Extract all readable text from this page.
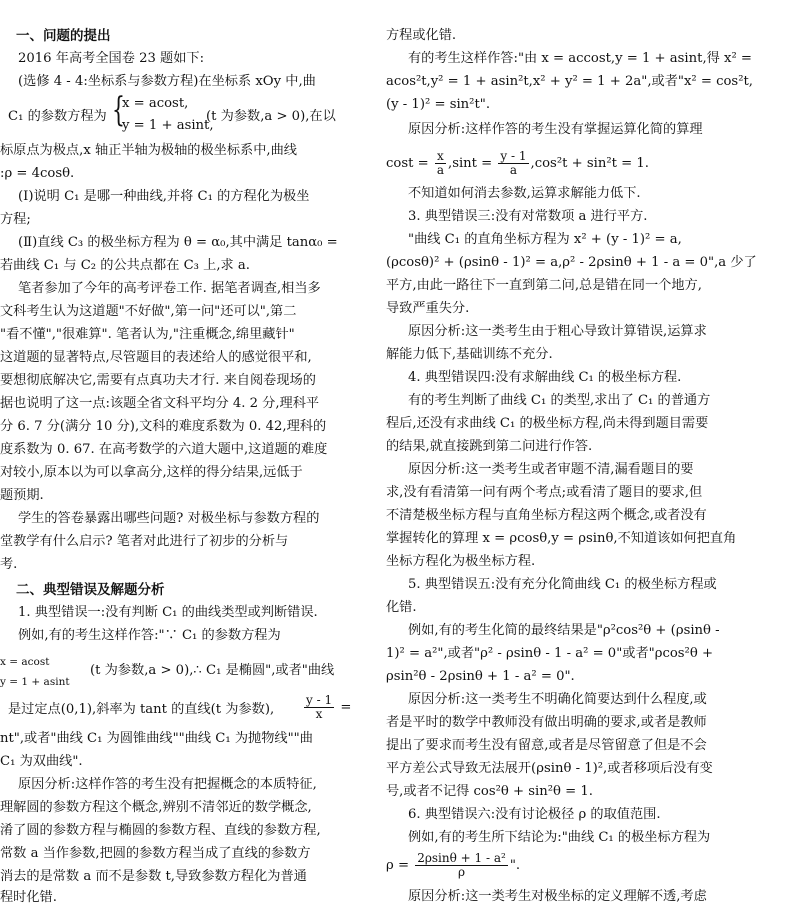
一、问题的提出
2016 年高考全国卷 23 题如下:
(选修 4 - 4:坐标系与参数方程)在坐标系 xOy 中,曲
C₁ 的参数方程为 {
x = acost,
y = 1 + asint,
(t 为参数,a > 0),在以
标原点为极点,x 轴正半轴为极轴的极坐标系中,曲线
:ρ = 4cosθ.
(Ⅰ)说明 C₁ 是哪一种曲线,并将 C₁ 的方程化为极坐
方程;
(Ⅱ)直线 C₃ 的极坐标方程为 θ = α₀,其中满足 tanα₀ =
若曲线 C₁ 与 C₂ 的公共点都在 C₃ 上,求 a.
笔者参加了今年的高考评卷工作. 据笔者调查,相当多
文科考生认为这道题"不好做",第一问"还可以",第二
"看不懂","很难算". 笔者认为,"注重概念,绵里藏针"
这道题的显著特点,尽管题目的表述给人的感觉很平和,
要想彻底解决它,需要有点真功夫才行. 来自阅卷现场的
据也说明了这一点:该题全省文科平均分 4. 2 分,理科平
分 6. 7 分(满分 10 分),文科的难度系数为 0. 42,理科的
度系数为 0. 67. 在高考数学的六道大题中,这道题的难度
对较小,原本以为可以拿高分,这样的得分结果,远低于
题预期.
学生的答卷暴露出哪些问题? 对极坐标与参数方程的
堂教学有什么启示? 笔者对此进行了初步的分析与
考.
二、典型错误及解题分析
1. 典型错误一:没有判断 C₁ 的曲线类型或判断错误.
例如,有的考生这样作答:"∵ C₁ 的参数方程为
x = acost
y = 1 + asint
(t 为参数,a > 0),∴ C₁ 是椭圆",或者"曲线
是过定点(0,1),斜率为 tant 的直线(t 为参数), $\frac{y - 1}{x}$ =
nt",或者"曲线 C₁ 为圆锥曲线""曲线 C₁ 为抛物线""曲
C₁ 为双曲线".
原因分析:这样作答的考生没有把握概念的本质特征,
理解圆的参数方程这个概念,辨别不清邻近的数学概念,
淆了圆的参数方程与椭圆的参数方程、直线的参数方程,
常数 a 当作参数,把圆的参数方程当成了直线的参数方
消去的是常数 a 而不是参数 t,导致参数方程化为普通
程时化错.
方程或化错.
有的考生这样作答:"由 x = accost,y = 1 + asint,得 x² =
acos²t,y² = 1 + asin²t,x² + y² = 1 + 2a",或者"x² = cos²t,
(y - 1)² = sin²t".
原因分析:这样作答的考生没有掌握运算化简的算理
$\cos t = \frac{x}{a} ,\sin t = \frac{y - 1}{a} ,\cos^2t + \sin^2t = 1$.
不知道如何消去参数,运算求解能力低下.
3. 典型错误三:没有对常数项 a 进行平方.
"曲线 C₁ 的直角坐标方程为 x² + (y - 1)² = a,
(ρcosθ)² + (ρsinθ - 1)² = a,ρ² - 2ρsinθ + 1 - a = 0",a 少了
平方,由此一路往下一直到第二问,总是错在同一个地方,
导致严重失分.
原因分析:这一类考生由于粗心导致计算错误,运算求
解能力低下,基础训练不充分.
4. 典型错误四:没有求解曲线 C₁ 的极坐标方程.
有的考生判断了曲线 C₁ 的类型,求出了 C₁ 的普通方
程后,还没有求曲线 C₁ 的极坐标方程,尚未得到题目需要
的结果,就直接跳到第二问进行作答.
原因分析:这一类考生或者审题不清,漏看题目的要
求,没有看清第一问有两个考点;或看清了题目的要求,但
不清楚极坐标方程与直角坐标方程这两个概念,或者没有
掌握转化的算理 x = ρcosθ,y = ρsinθ,不知道该如何把直角
坐标方程化为极坐标方程.
5. 典型错误五:没有充分化简曲线 C₁ 的极坐标方程或
化错.
例如,有的考生化简的最终结果是"ρ²cos²θ + (ρsinθ -
1)² = a²",或者"ρ² - ρsinθ - 1 - a² = 0"或者"ρcos²θ +
ρsin²θ - 2ρsinθ + 1 - a² = 0".
原因分析:这一类考生不明确化简要达到什么程度,或
者是平时的数学中教师没有做出明确的要求,或者是教师
提出了要求而考生没有留意,或者是尽管留意了但是不会
平方差公式导致无法展开(ρsinθ - 1)²,或者移项后没有变
号,或者不记得 cos²θ + sin²θ = 1.
6. 典型错误六:没有讨论极径 ρ 的取值范围.
例如,有的考生所下结论为:"曲线 C₁ 的极坐标方程为
$\rho = \frac{\text{2ρsinθ + 1 - a²}}{\rho}$ ".
原因分析:这一类考生对极坐标的定义理解不透,考虑
